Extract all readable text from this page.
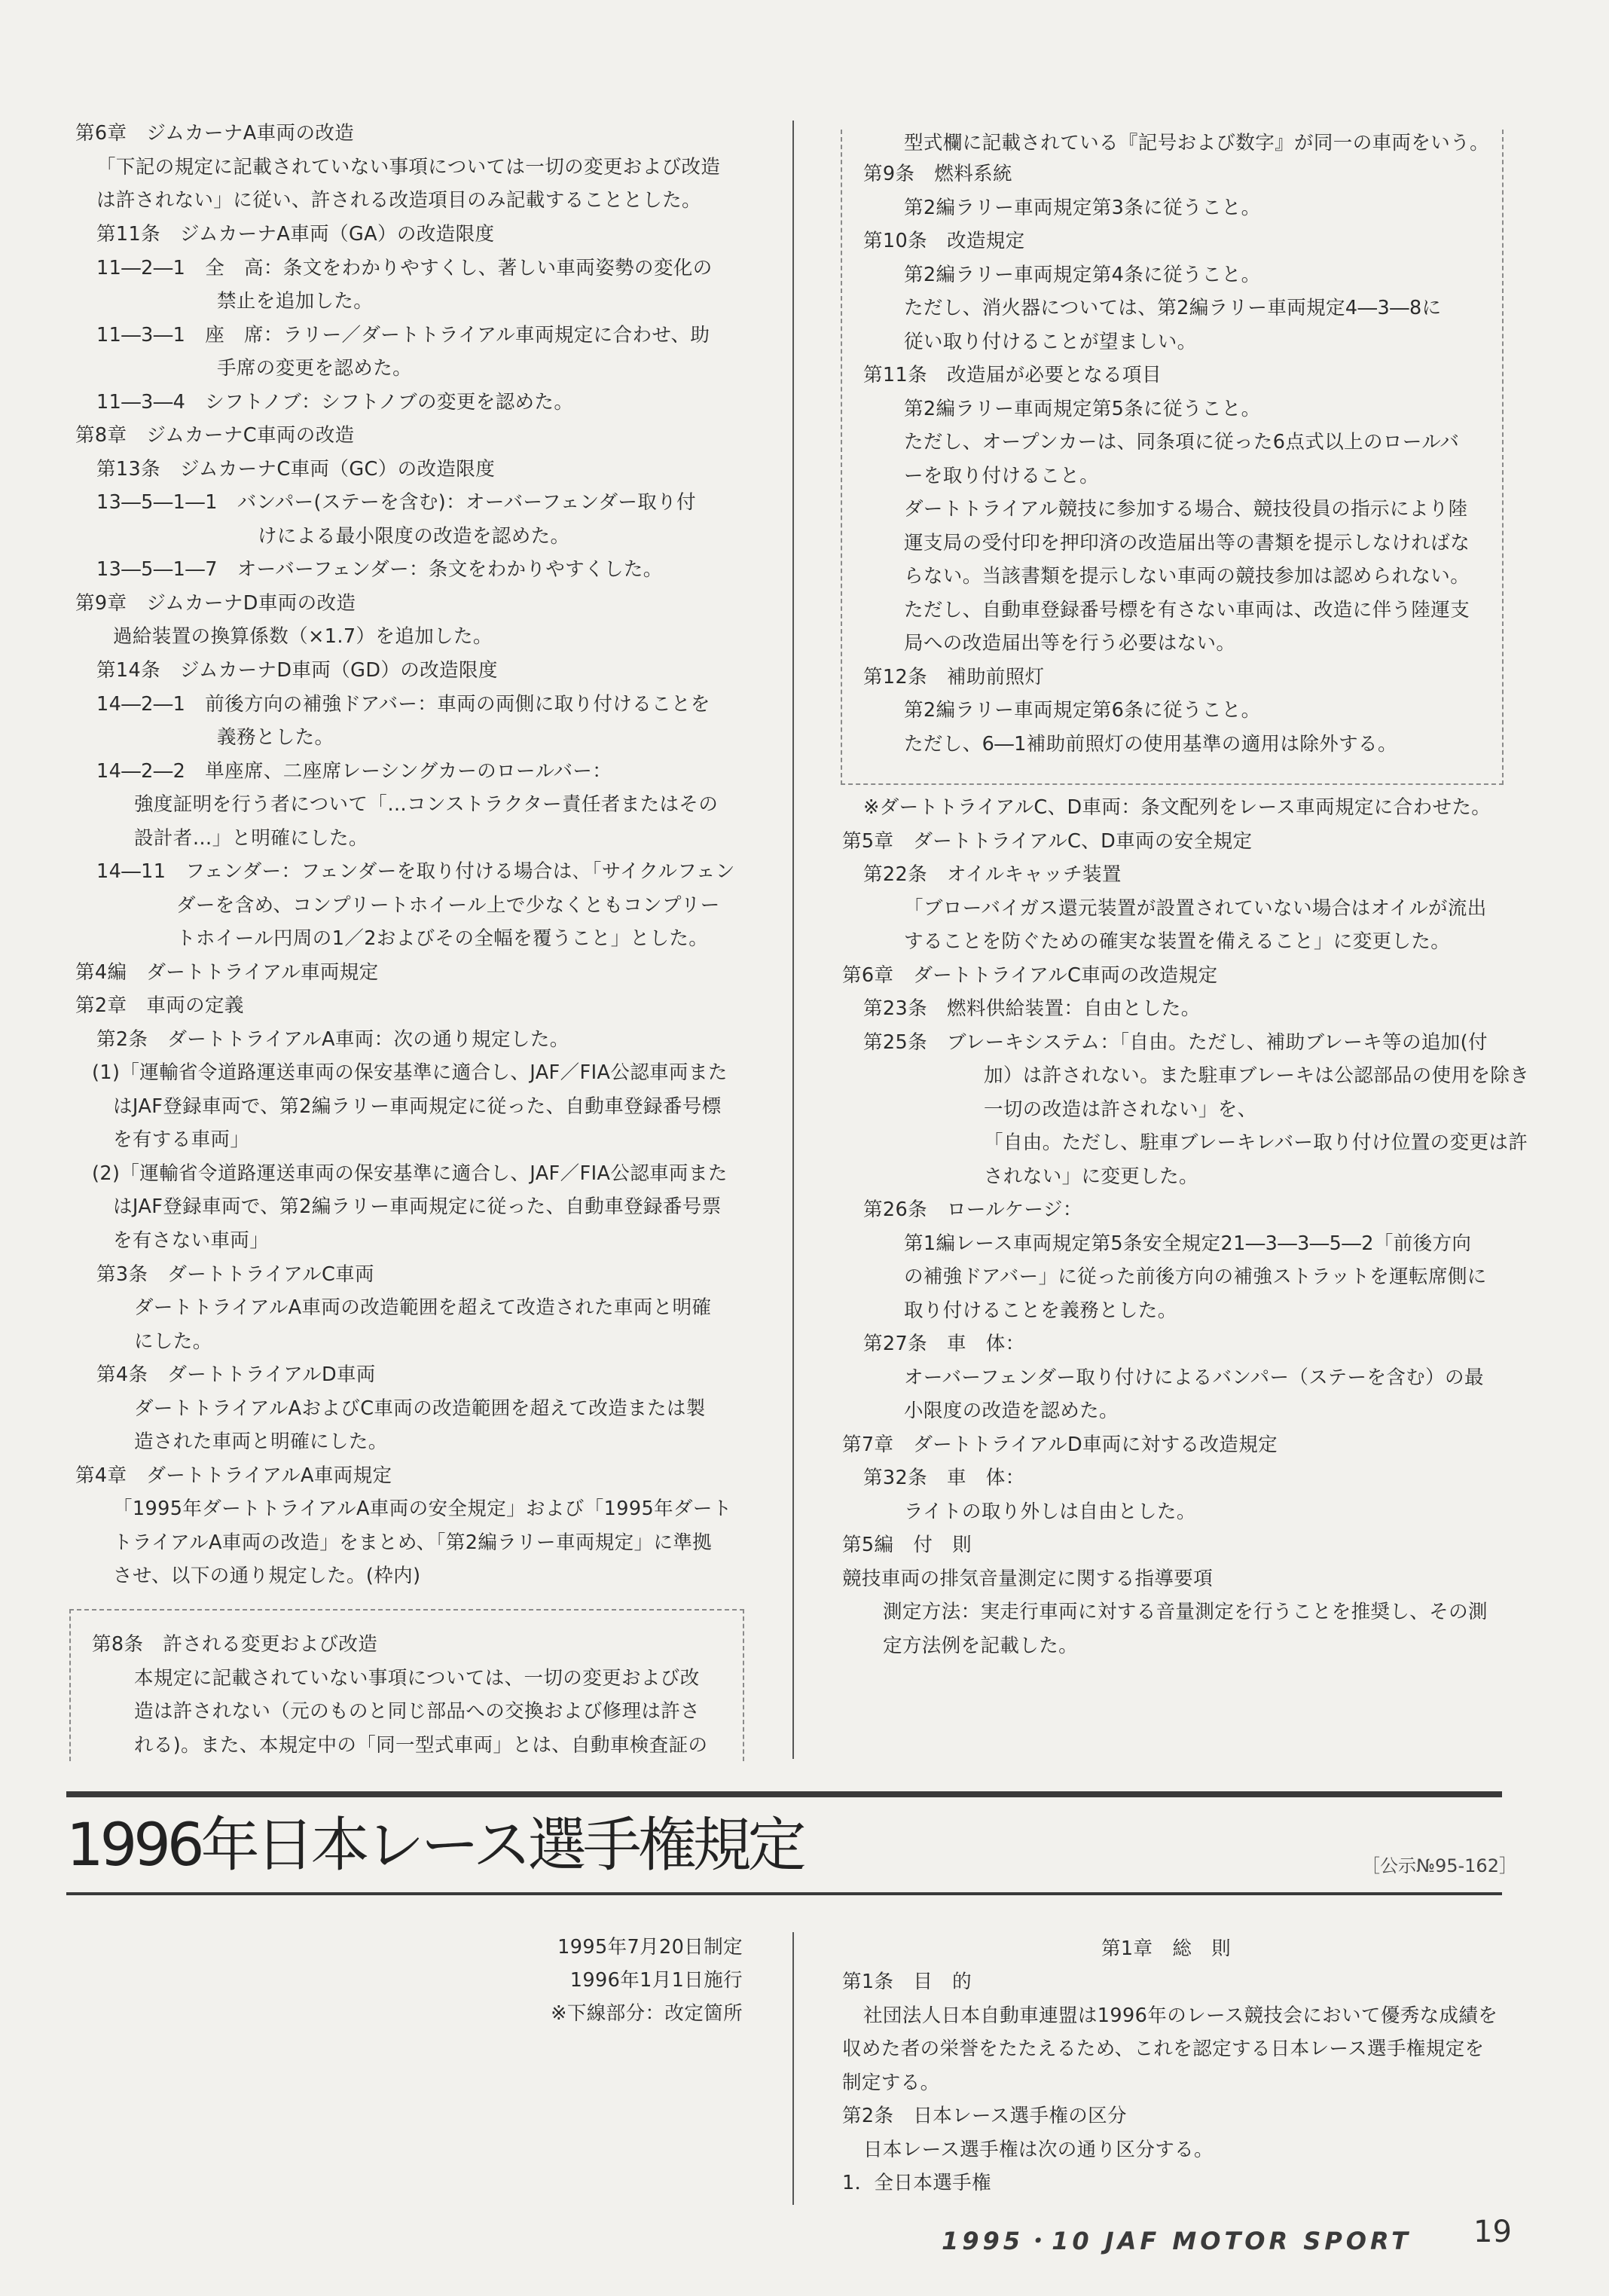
第6章　ジムカーナA車両の改造
「下記の規定に記載されていない事項については一切の変更および改造
は許されない」に従い、許される改造項目のみ記載することとした。
第11条　ジムカーナA車両（GA）の改造限度
11―2―1　全　高：条文をわかりやすくし、著しい車両姿勢の変化の
禁止を追加した。
11―3―1　座　席：ラリー／ダートトライアル車両規定に合わせ、助
手席の変更を認めた。
11―3―4　シフトノブ：シフトノブの変更を認めた。
第8章　ジムカーナC車両の改造
第13条　ジムカーナC車両（GC）の改造限度
13―5―1―1　バンパー(ステーを含む)：オーバーフェンダー取り付
けによる最小限度の改造を認めた。
13―5―1―7　オーバーフェンダー：条文をわかりやすくした。
第9章　ジムカーナD車両の改造
過給装置の換算係数（×1.7）を追加した。
第14条　ジムカーナD車両（GD）の改造限度
14―2―1　前後方向の補強ドアバー：車両の両側に取り付けることを
義務とした。
14―2―2　単座席、二座席レーシングカーのロールバー：
強度証明を行う者について「…コンストラクター責任者またはその
設計者…」と明確にした。
14―11　フェンダー：フェンダーを取り付ける場合は､「サイクルフェン
ダーを含め、コンプリートホイール上で少なくともコンプリー
トホイール円周の1／2およびその全幅を覆うこと」とした。
第4編　ダートトライアル車両規定
第2章　車両の定義
第2条　ダートトライアルA車両：次の通り規定した。
(1)「運輸省令道路運送車両の保安基準に適合し、JAF／FIA公認車両また
はJAF登録車両で、第2編ラリー車両規定に従った、自動車登録番号標
を有する車両」
(2)「運輸省令道路運送車両の保安基準に適合し、JAF／FIA公認車両また
はJAF登録車両で、第2編ラリー車両規定に従った、自動車登録番号票
を有さない車両」
第3条　ダートトライアルC車両
ダートトライアルA車両の改造範囲を超えて改造された車両と明確
にした。
第4条　ダートトライアルD車両
ダートトライアルAおよびC車両の改造範囲を超えて改造または製
造された車両と明確にした。
第4章　ダートトライアルA車両規定
「1995年ダートトライアルA車両の安全規定」および「1995年ダート
トライアルA車両の改造」をまとめ、「第2編ラリー車両規定」に準拠
させ、以下の通り規定した。(枠内)
第8条　許される変更および改造
本規定に記載されていない事項については、一切の変更および改
造は許されない（元のものと同じ部品への交換および修理は許さ
れる)。また、本規定中の「同一型式車両」とは、自動車検査証の
型式欄に記載されている『記号および数字』が同一の車両をいう。
第9条　燃料系統
第2編ラリー車両規定第3条に従うこと。
第10条　改造規定
第2編ラリー車両規定第4条に従うこと。
ただし、消火器については、第2編ラリー車両規定4―3―8に
従い取り付けることが望ましい。
第11条　改造届が必要となる項目
第2編ラリー車両規定第5条に従うこと。
ただし、オープンカーは、同条項に従った6点式以上のロールバ
ーを取り付けること。
ダートトライアル競技に参加する場合、競技役員の指示により陸
運支局の受付印を押印済の改造届出等の書類を提示しなければな
らない。当該書類を提示しない車両の競技参加は認められない。
ただし、自動車登録番号標を有さない車両は、改造に伴う陸運支
局への改造届出等を行う必要はない。
第12条　補助前照灯
第2編ラリー車両規定第6条に従うこと。
ただし、6―1補助前照灯の使用基準の適用は除外する。
※ダートトライアルC、D車両：条文配列をレース車両規定に合わせた。
第5章　ダートトライアルC、D車両の安全規定
第22条　オイルキャッチ装置
「ブローバイガス還元装置が設置されていない場合はオイルが流出
することを防ぐための確実な装置を備えること」に変更した。
第6章　ダートトライアルC車両の改造規定
第23条　燃料供給装置：自由とした。
第25条　ブレーキシステム：「自由。ただし、補助ブレーキ等の追加(付
加）は許されない。また駐車ブレーキは公認部品の使用を除き
一切の改造は許されない」を、
「自由。ただし、駐車ブレーキレバー取り付け位置の変更は許
されない」に変更した。
第26条　ロールケージ：
第1編レース車両規定第5条安全規定21―3―3―5―2「前後方向
の補強ドアバー」に従った前後方向の補強ストラットを運転席側に
取り付けることを義務とした。
第27条　車　体：
オーバーフェンダー取り付けによるバンパー（ステーを含む）の最
小限度の改造を認めた。
第7章　ダートトライアルD車両に対する改造規定
第32条　車　体：
ライトの取り外しは自由とした。
第5編　付　則
競技車両の排気音量測定に関する指導要項
測定方法：実走行車両に対する音量測定を行うことを推奨し、その測
定方法例を記載した。
1996年日本レース選手権規定	［公示№95-162］
1995年7月20日制定
1996年1月1日施行
※下線部分：改定箇所
第1章　総　則
第1条　目　的
社団法人日本自動車連盟は1996年のレース競技会において優秀な成績を
収めた者の栄誉をたたえるため、これを認定する日本レース選手権規定を
制定する。
第2条　日本レース選手権の区分
日本レース選手権は次の通り区分する。
1．全日本選手権
1995・10 JAF MOTOR SPORT 19
